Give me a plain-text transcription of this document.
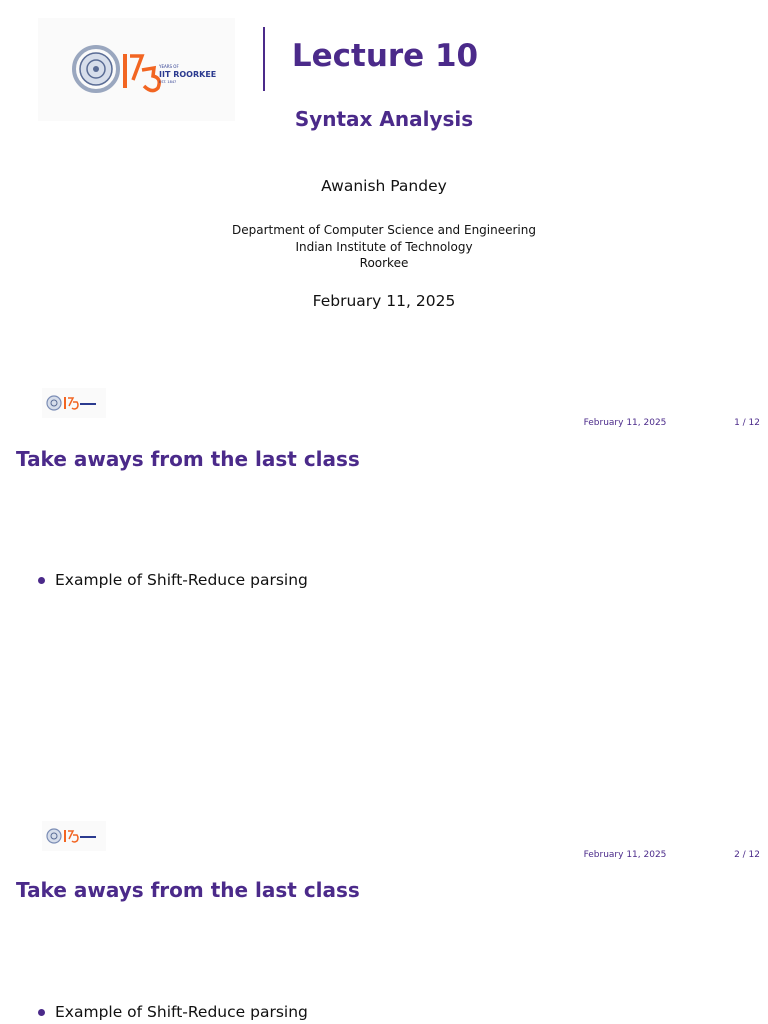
YEARS OF
IIT ROORKEE
EST. 1847
Lecture 10
Syntax Analysis
Awanish Pandey
Department of Computer Science and Engineering
Indian Institute of Technology
Roorkee
February 11, 2025
February 11, 2025	1 / 12
Take aways from the last class
Example of Shift-Reduce parsing
February 11, 2025	2 / 12
Take aways from the last class
Example of Shift-Reduce parsing
